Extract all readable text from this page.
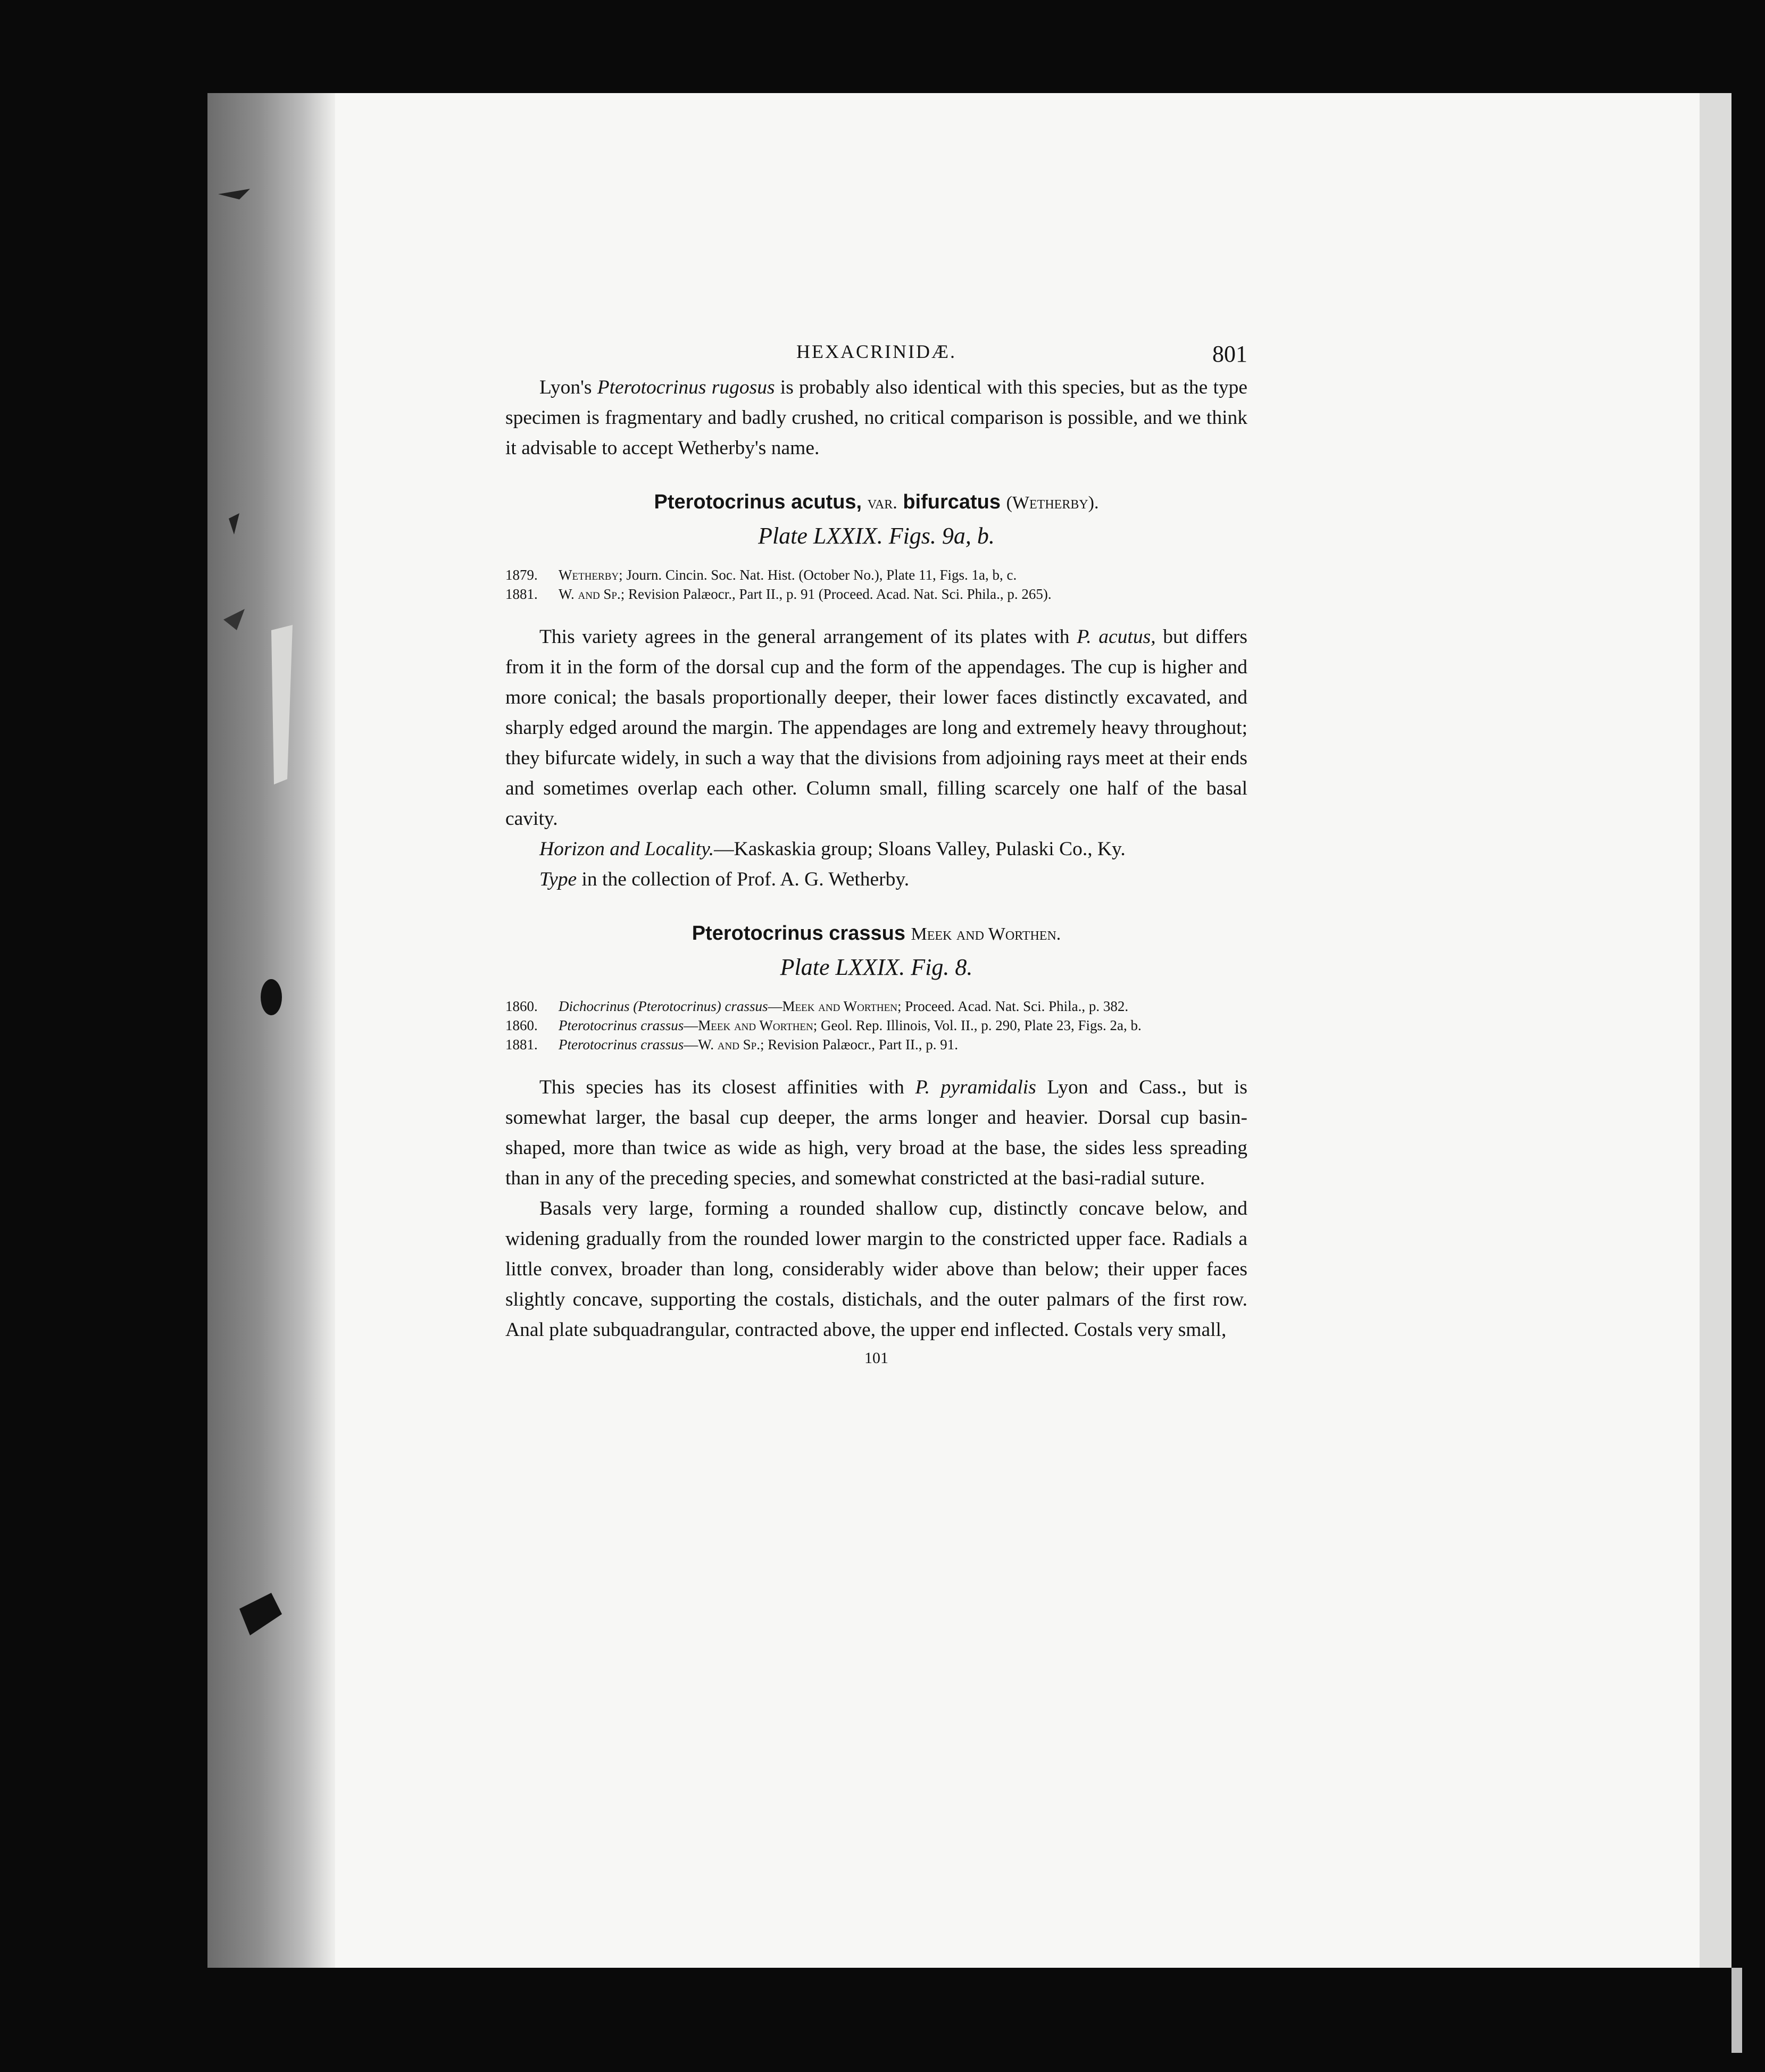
HEXACRINIDÆ.	801

Lyon's Pterotocrinus rugosus is probably also identical with this species, but as the type specimen is fragmentary and badly crushed, no critical comparison is possible, and we think it advisable to accept Wetherby's name.

Pterotocrinus acutus, var. bifurcatus (Wetherby).
Plate LXXIX. Figs. 9a, b.
1879. Wetherby; Journ. Cincin. Soc. Nat. Hist. (October No.), Plate 11, Figs. 1a, b, c.
1881. W. and Sp.; Revision Palæocr., Part II., p. 91 (Proceed. Acad. Nat. Sci. Phila., p. 265).

This variety agrees in the general arrangement of its plates with P. acutus, but differs from it in the form of the dorsal cup and the form of the appendages. The cup is higher and more conical; the basals proportionally deeper, their lower faces distinctly excavated, and sharply edged around the margin. The appendages are long and extremely heavy throughout; they bifurcate widely, in such a way that the divisions from adjoining rays meet at their ends and sometimes overlap each other. Column small, filling scarcely one half of the basal cavity.

Horizon and Locality.—Kaskaskia group; Sloans Valley, Pulaski Co., Ky.

Type in the collection of Prof. A. G. Wetherby.

Pterotocrinus crassus Meek and Worthen.
Plate LXXIX. Fig. 8.
1860. Dichocrinus (Pterotocrinus) crassus—Meek and Worthen; Proceed. Acad. Nat. Sci. Phila., p. 382.
1860. Pterotocrinus crassus—Meek and Worthen; Geol. Rep. Illinois, Vol. II., p. 290, Plate 23, Figs. 2a, b.
1881. Pterotocrinus crassus—W. and Sp.; Revision Palæocr., Part II., p. 91.

This species has its closest affinities with P. pyramidalis Lyon and Cass., but is somewhat larger, the basal cup deeper, the arms longer and heavier. Dorsal cup basin-shaped, more than twice as wide as high, very broad at the base, the sides less spreading than in any of the preceding species, and somewhat constricted at the basi-radial suture.

Basals very large, forming a rounded shallow cup, distinctly concave below, and widening gradually from the rounded lower margin to the constricted upper face. Radials a little convex, broader than long, considerably wider above than below; their upper faces slightly concave, supporting the costals, distichals, and the outer palmars of the first row. Anal plate subquadrangular, contracted above, the upper end inflected. Costals very small,

101
